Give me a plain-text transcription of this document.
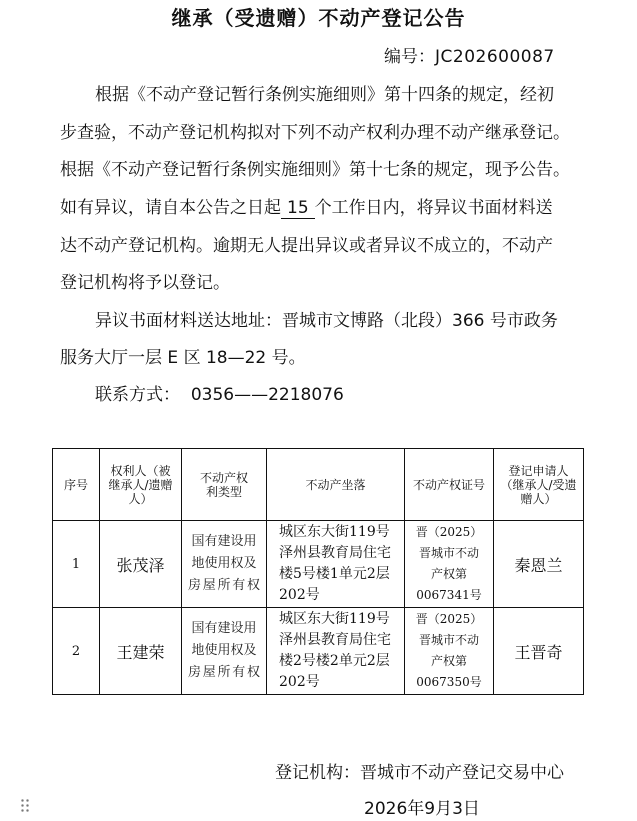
继承（受遗赠）不动产登记公告
编号：JC202600087
根据《不动产登记暂行条例实施细则》第十四条的规定，经初
步查验，不动产登记机构拟对下列不动产权利办理不动产继承登记。
根据《不动产登记暂行条例实施细则》第十七条的规定，现予公告。
如有异议，请自本公告之日起 15 个工作日内，将异议书面材料送
达不动产登记机构。逾期无人提出异议或者异议不成立的，不动产
登记机构将予以登记。
异议书面材料送达地址：晋城市文博路（北段）366 号市政务
服务大厅一层 E 区 18—22 号。
联系方式： 0356——2218076
序号	权利人（被继承人/遗赠人）	不动产权利类型	不动产坐落	不动产权证号	登记申请人（继承人/受遗赠人）
1	张茂泽	国有建设用地使用权及房屋所有权	城区东大街119号泽州县教育局住宅楼5号楼1单元2层202号	晋（2025）
晋城市不动
产权第
0067341号	秦恩兰
2	王建荣	国有建设用地使用权及房屋所有权	城区东大街119号泽州县教育局住宅楼2号楼2单元2层202号	晋（2025）
晋城市不动
产权第
0067350号	王晋奇
登记机构：晋城市不动产登记交易中心
2026年9月3日
